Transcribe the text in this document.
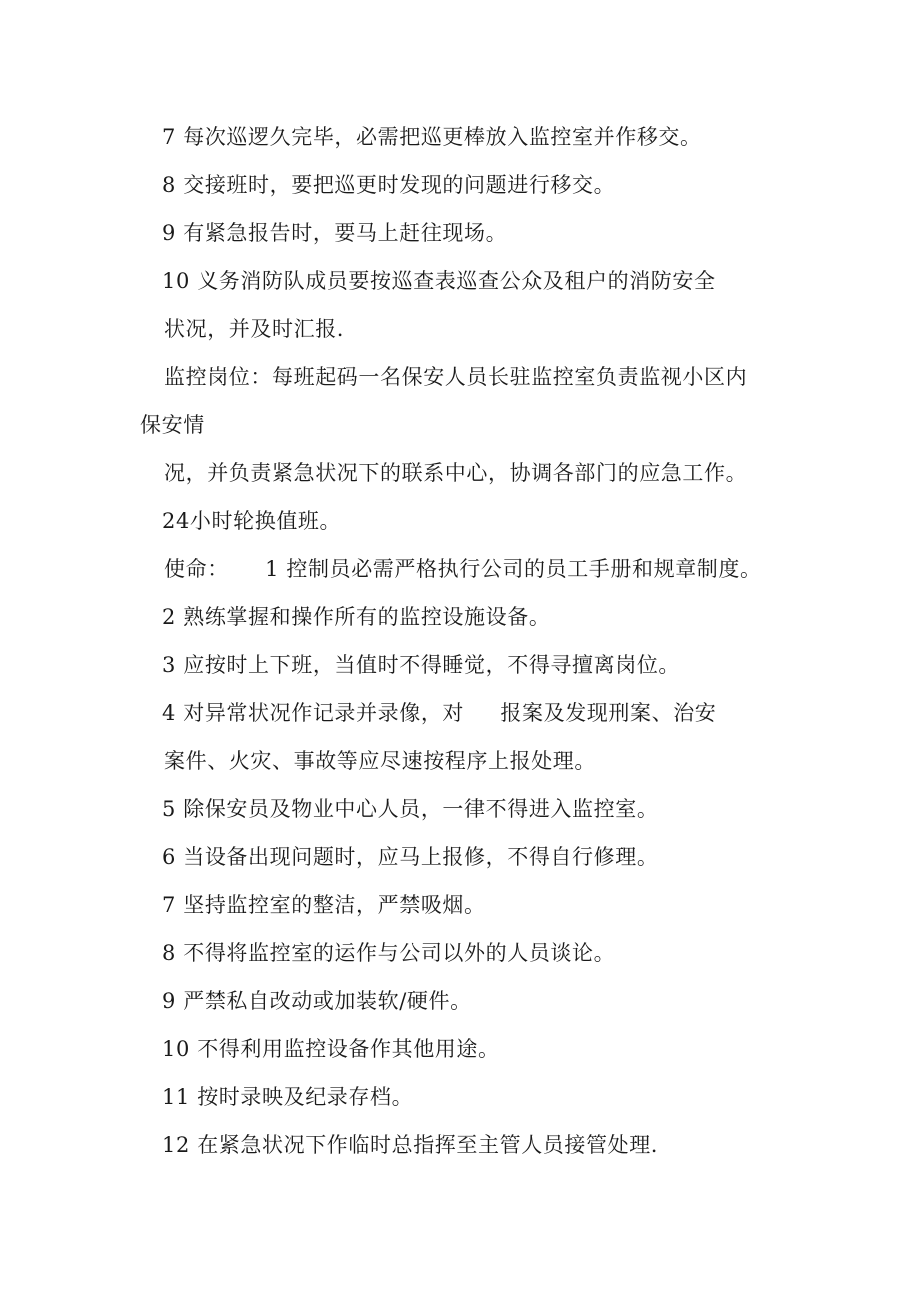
7 每次巡逻久完毕，必需把巡更棒放入监控室并作移交。
8 交接班时，要把巡更时发现的问题进行移交。
9 有紧急报告时，要马上赶往现场。
10 义务消防队成员要按巡查表巡查公众及租户的消防安全
状况，并及时汇报.
监控岗位：每班起码一名保安人员长驻监控室负责监视小区内
保安情
况，并负责紧急状况下的联系中心，协调各部门的应急工作。
24小时轮换值班。
使命：     1 控制员必需严格执行公司的员工手册和规章制度。
2 熟练掌握和操作所有的监控设施设备。
3 应按时上下班，当值时不得睡觉，不得寻擅离岗位。
4 对异常状况作记录并录像，对     报案及发现刑案、治安
案件、火灾、事故等应尽速按程序上报处理。
5 除保安员及物业中心人员，一律不得进入监控室。
6 当设备出现问题时，应马上报修，不得自行修理。
7 坚持监控室的整洁，严禁吸烟。
8 不得将监控室的运作与公司以外的人员谈论。
9 严禁私自改动或加装软/硬件。
10 不得利用监控设备作其他用途。
11 按时录映及纪录存档。
12 在紧急状况下作临时总指挥至主管人员接管处理.
